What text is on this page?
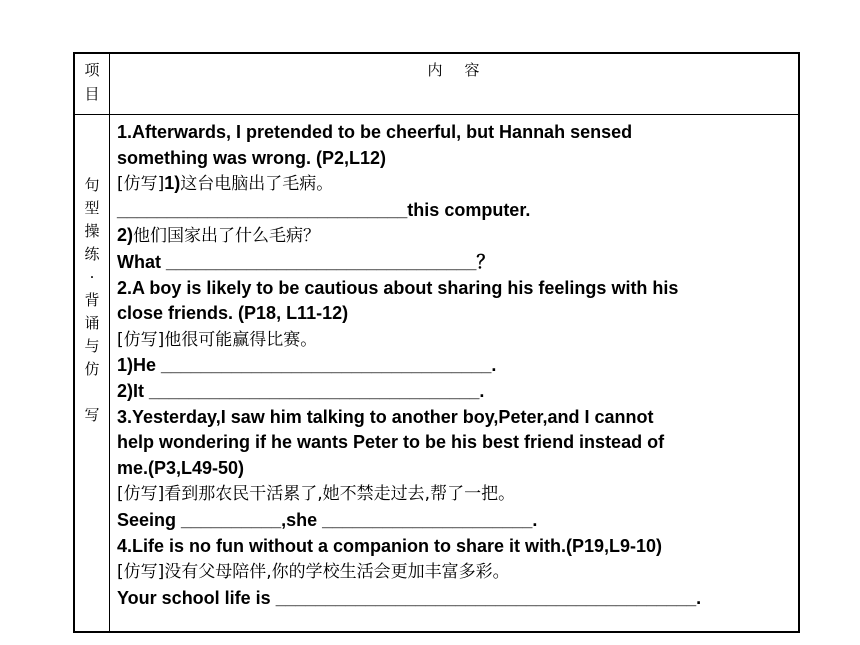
项
目
内容
句
型
操
练
·
背
诵
与
仿
写
1.Afterwards, I pretended to be cheerful, but Hannah sensed
something was wrong. (P2,L12)
[仿写]1)这台电脑出了毛病。
_____________________________this computer.
2)他们国家出了什么毛病？
What _______________________________？
2.A boy is likely to be cautious about sharing his feelings with his
close friends. (P18, L11-12)
[仿写]他很可能赢得比赛。
1)He _________________________________.
2)It _________________________________.
3.Yesterday,I saw him talking to another boy,Peter,and I cannot
help wondering if he wants Peter to be his best friend instead of
me.(P3,L49-50)
[仿写]看到那农民干活累了,她不禁走过去,帮了一把。
Seeing __________,she _____________________.
4.Life is no fun without a companion to share it with.(P19,L9-10)
[仿写]没有父母陪伴,你的学校生活会更加丰富多彩。
Your school life is __________________________________________.
